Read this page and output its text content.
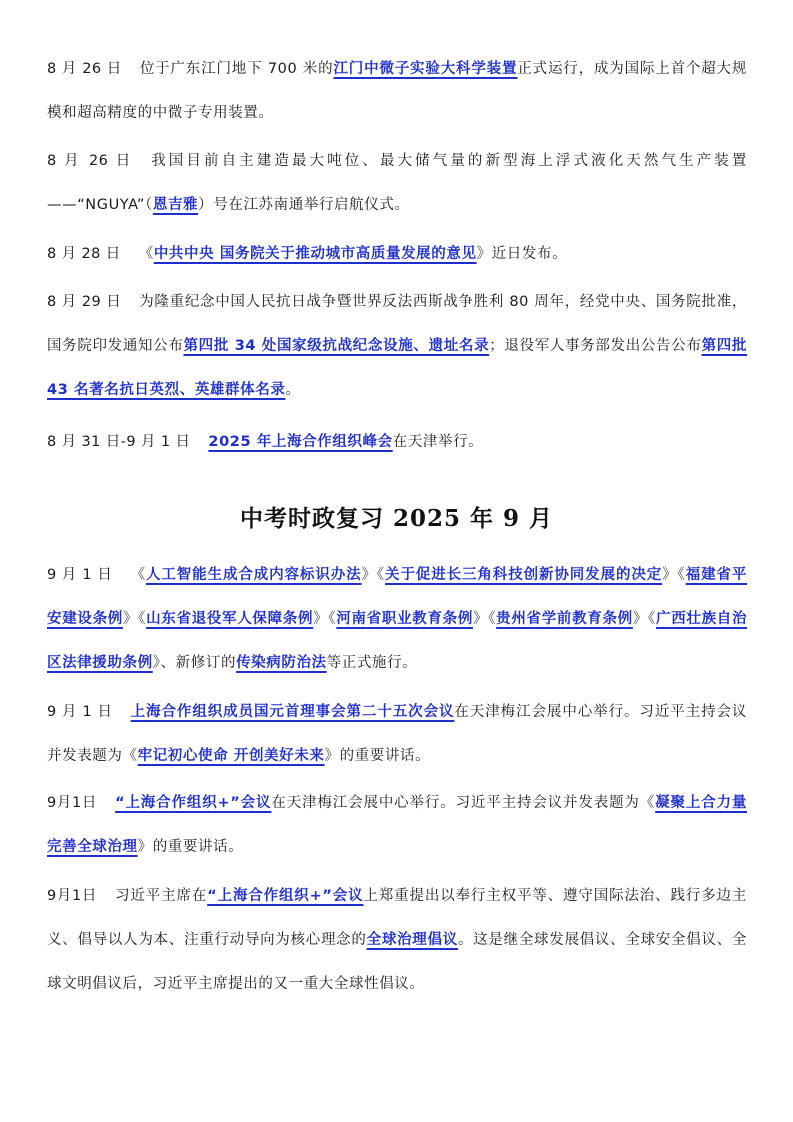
8 月 26 日 位于广东江门地下 700 米的江门中微子实验大科学装置正式运行，成为国际上首个超大规模和超高精度的中微子专用装置。
8 月 26 日 我国目前自主建造最大吨位、最大储气量的新型海上浮式液化天然气生产装置——“NGUYA”（恩吉雅）号在江苏南通举行启航仪式。
8 月 28 日 《中共中央 国务院关于推动城市高质量发展的意见》近日发布。
8 月 29 日 为隆重纪念中国人民抗日战争暨世界反法西斯战争胜利 80 周年，经党中央、国务院批准，国务院印发通知公布第四批 34 处国家级抗战纪念设施、遗址名录；退役军人事务部发出公告公布第四批 43 名著名抗日英烈、英雄群体名录。
8 月 31 日-9 月 1 日 2025 年上海合作组织峰会在天津举行。
中考时政复习 2025 年 9 月
9 月 1 日 《人工智能生成合成内容标识办法》《关于促进长三角科技创新协同发展的决定》《福建省平安建设条例》《山东省退役军人保障条例》《河南省职业教育条例》《贵州省学前教育条例》《广西壮族自治区法律援助条例》、新修订的传染病防治法等正式施行。
9 月 1 日 上海合作组织成员国元首理事会第二十五次会议在天津梅江会展中心举行。习近平主持会议并发表题为《牢记初心使命 开创美好未来》的重要讲话。
9月1日 “上海合作组织+”会议在天津梅江会展中心举行。习近平主持会议并发表题为《凝聚上合力量 完善全球治理》的重要讲话。
9月1日 习近平主席在“上海合作组织+”会议上郑重提出以奉行主权平等、遵守国际法治、践行多边主义、倡导以人为本、注重行动导向为核心理念的全球治理倡议。这是继全球发展倡议、全球安全倡议、全球文明倡议后，习近平主席提出的又一重大全球性倡议。
